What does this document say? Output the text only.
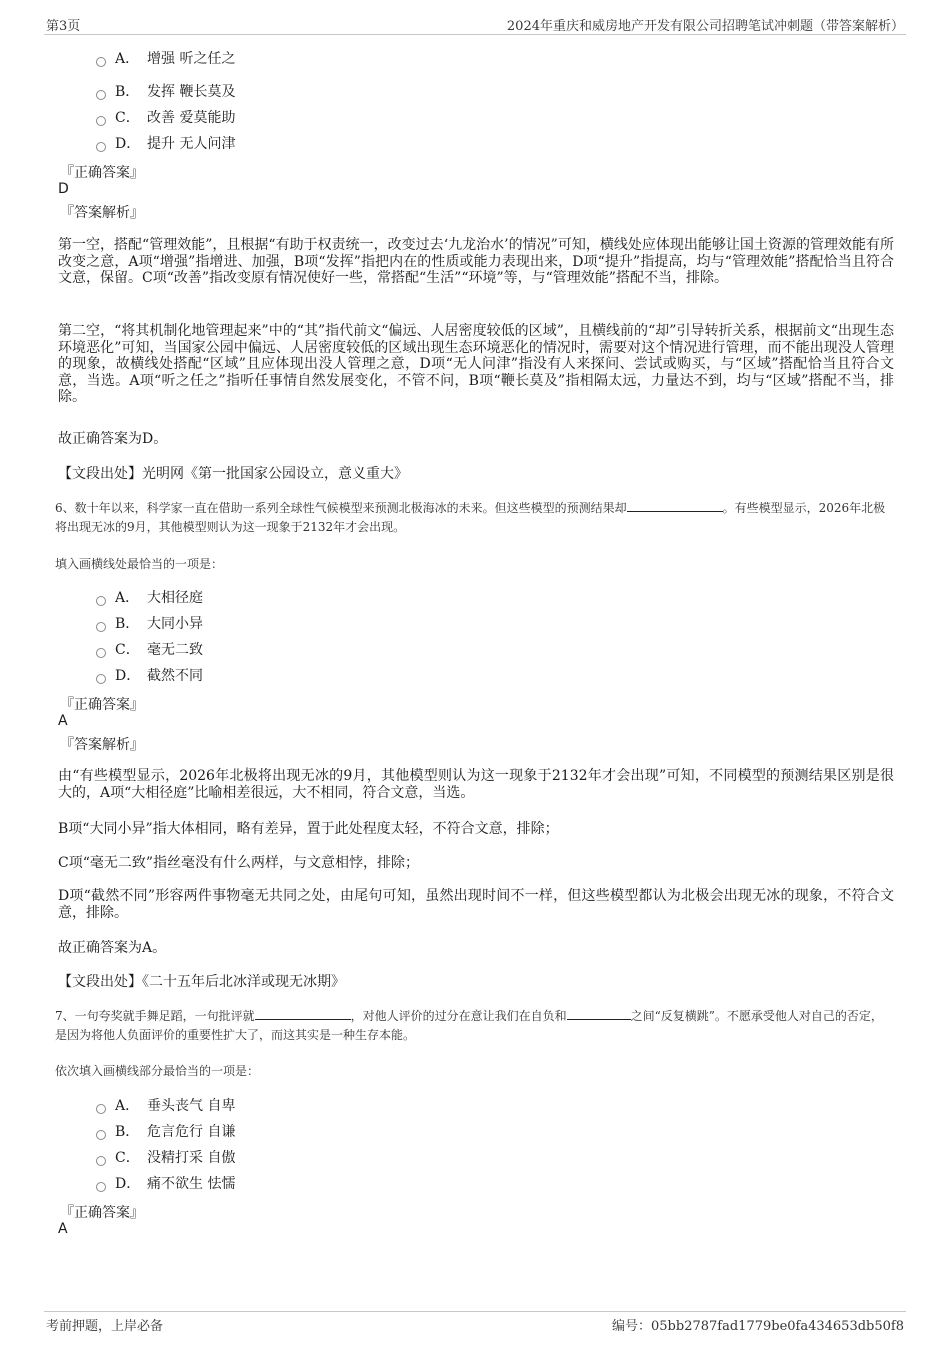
第3页	2024年重庆和威房地产开发有限公司招聘笔试冲刺题（带答案解析）
A． 增强 听之任之
B． 发挥 鞭长莫及
C． 改善 爱莫能助
D． 提升 无人问津
『正确答案』
D
『答案解析』

第一空，搭配“管理效能”，且根据“有助于权责统一，改变过去‘九龙治水’的情况”可知，横线处应体现出能够让国土资源的管理效能有所改变之意，A项“增强”指增进、加强，B项“发挥”指把内在的性质或能力表现出来，D项“提升”指提高，均与“管理效能”搭配恰当且符合文意，保留。C项“改善”指改变原有情况使好一些，常搭配“生活”“环境”等，与“管理效能”搭配不当，排除。

第二空，“将其机制化地管理起来”中的“其”指代前文“偏远、人居密度较低的区域”，且横线前的“却”引导转折关系，根据前文“出现生态环境恶化”可知，当国家公园中偏远、人居密度较低的区域出现生态环境恶化的情况时，需要对这个情况进行管理，而不能出现没人管理的现象，故横线处搭配“区域”且应体现出没人管理之意，D项“无人问津”指没有人来探问、尝试或购买，与“区域”搭配恰当且符合文意，当选。A项“听之任之”指听任事情自然发展变化，不管不问，B项“鞭长莫及”指相隔太远，力量达不到，均与“区域”搭配不当，排除。

故正确答案为D。

【文段出处】光明网《第一批国家公园设立，意义重大》

6、数十年以来，科学家一直在借助一系列全球性气候模型来预测北极海冰的未来。但这些模型的预测结果却	。有些模型显示，2026年北极将出现无冰的9月，其他模型则认为这一现象于2132年才会出现。

填入画横线处最恰当的一项是：
A． 大相径庭
B． 大同小异
C． 毫无二致
D． 截然不同
『正确答案』
A
『答案解析』

由“有些模型显示，2026年北极将出现无冰的9月，其他模型则认为这一现象于2132年才会出现”可知，不同模型的预测结果区别是很大的，A项“大相径庭”比喻相差很远，大不相同，符合文意，当选。

B项“大同小异”指大体相同，略有差异，置于此处程度太轻，不符合文意，排除；

C项“毫无二致”指丝毫没有什么两样，与文意相悖，排除；

D项“截然不同”形容两件事物毫无共同之处，由尾句可知，虽然出现时间不一样，但这些模型都认为北极会出现无冰的现象，不符合文意，排除。

故正确答案为A。

【文段出处】《二十五年后北冰洋或现无冰期》

7、一句夸奖就手舞足蹈，一句批评就	，对他人评价的过分在意让我们在自负和	之间“反复横跳”。不愿承受他人对自己的否定，是因为将他人负面评价的重要性扩大了，而这其实是一种生存本能。

依次填入画横线部分最恰当的一项是：
A． 垂头丧气 自卑
B． 危言危行 自谦
C． 没精打采 自傲
D． 痛不欲生 怯懦
『正确答案』
A
考前押题，上岸必备	编号：05bb2787fad1779be0fa434653db50f8
